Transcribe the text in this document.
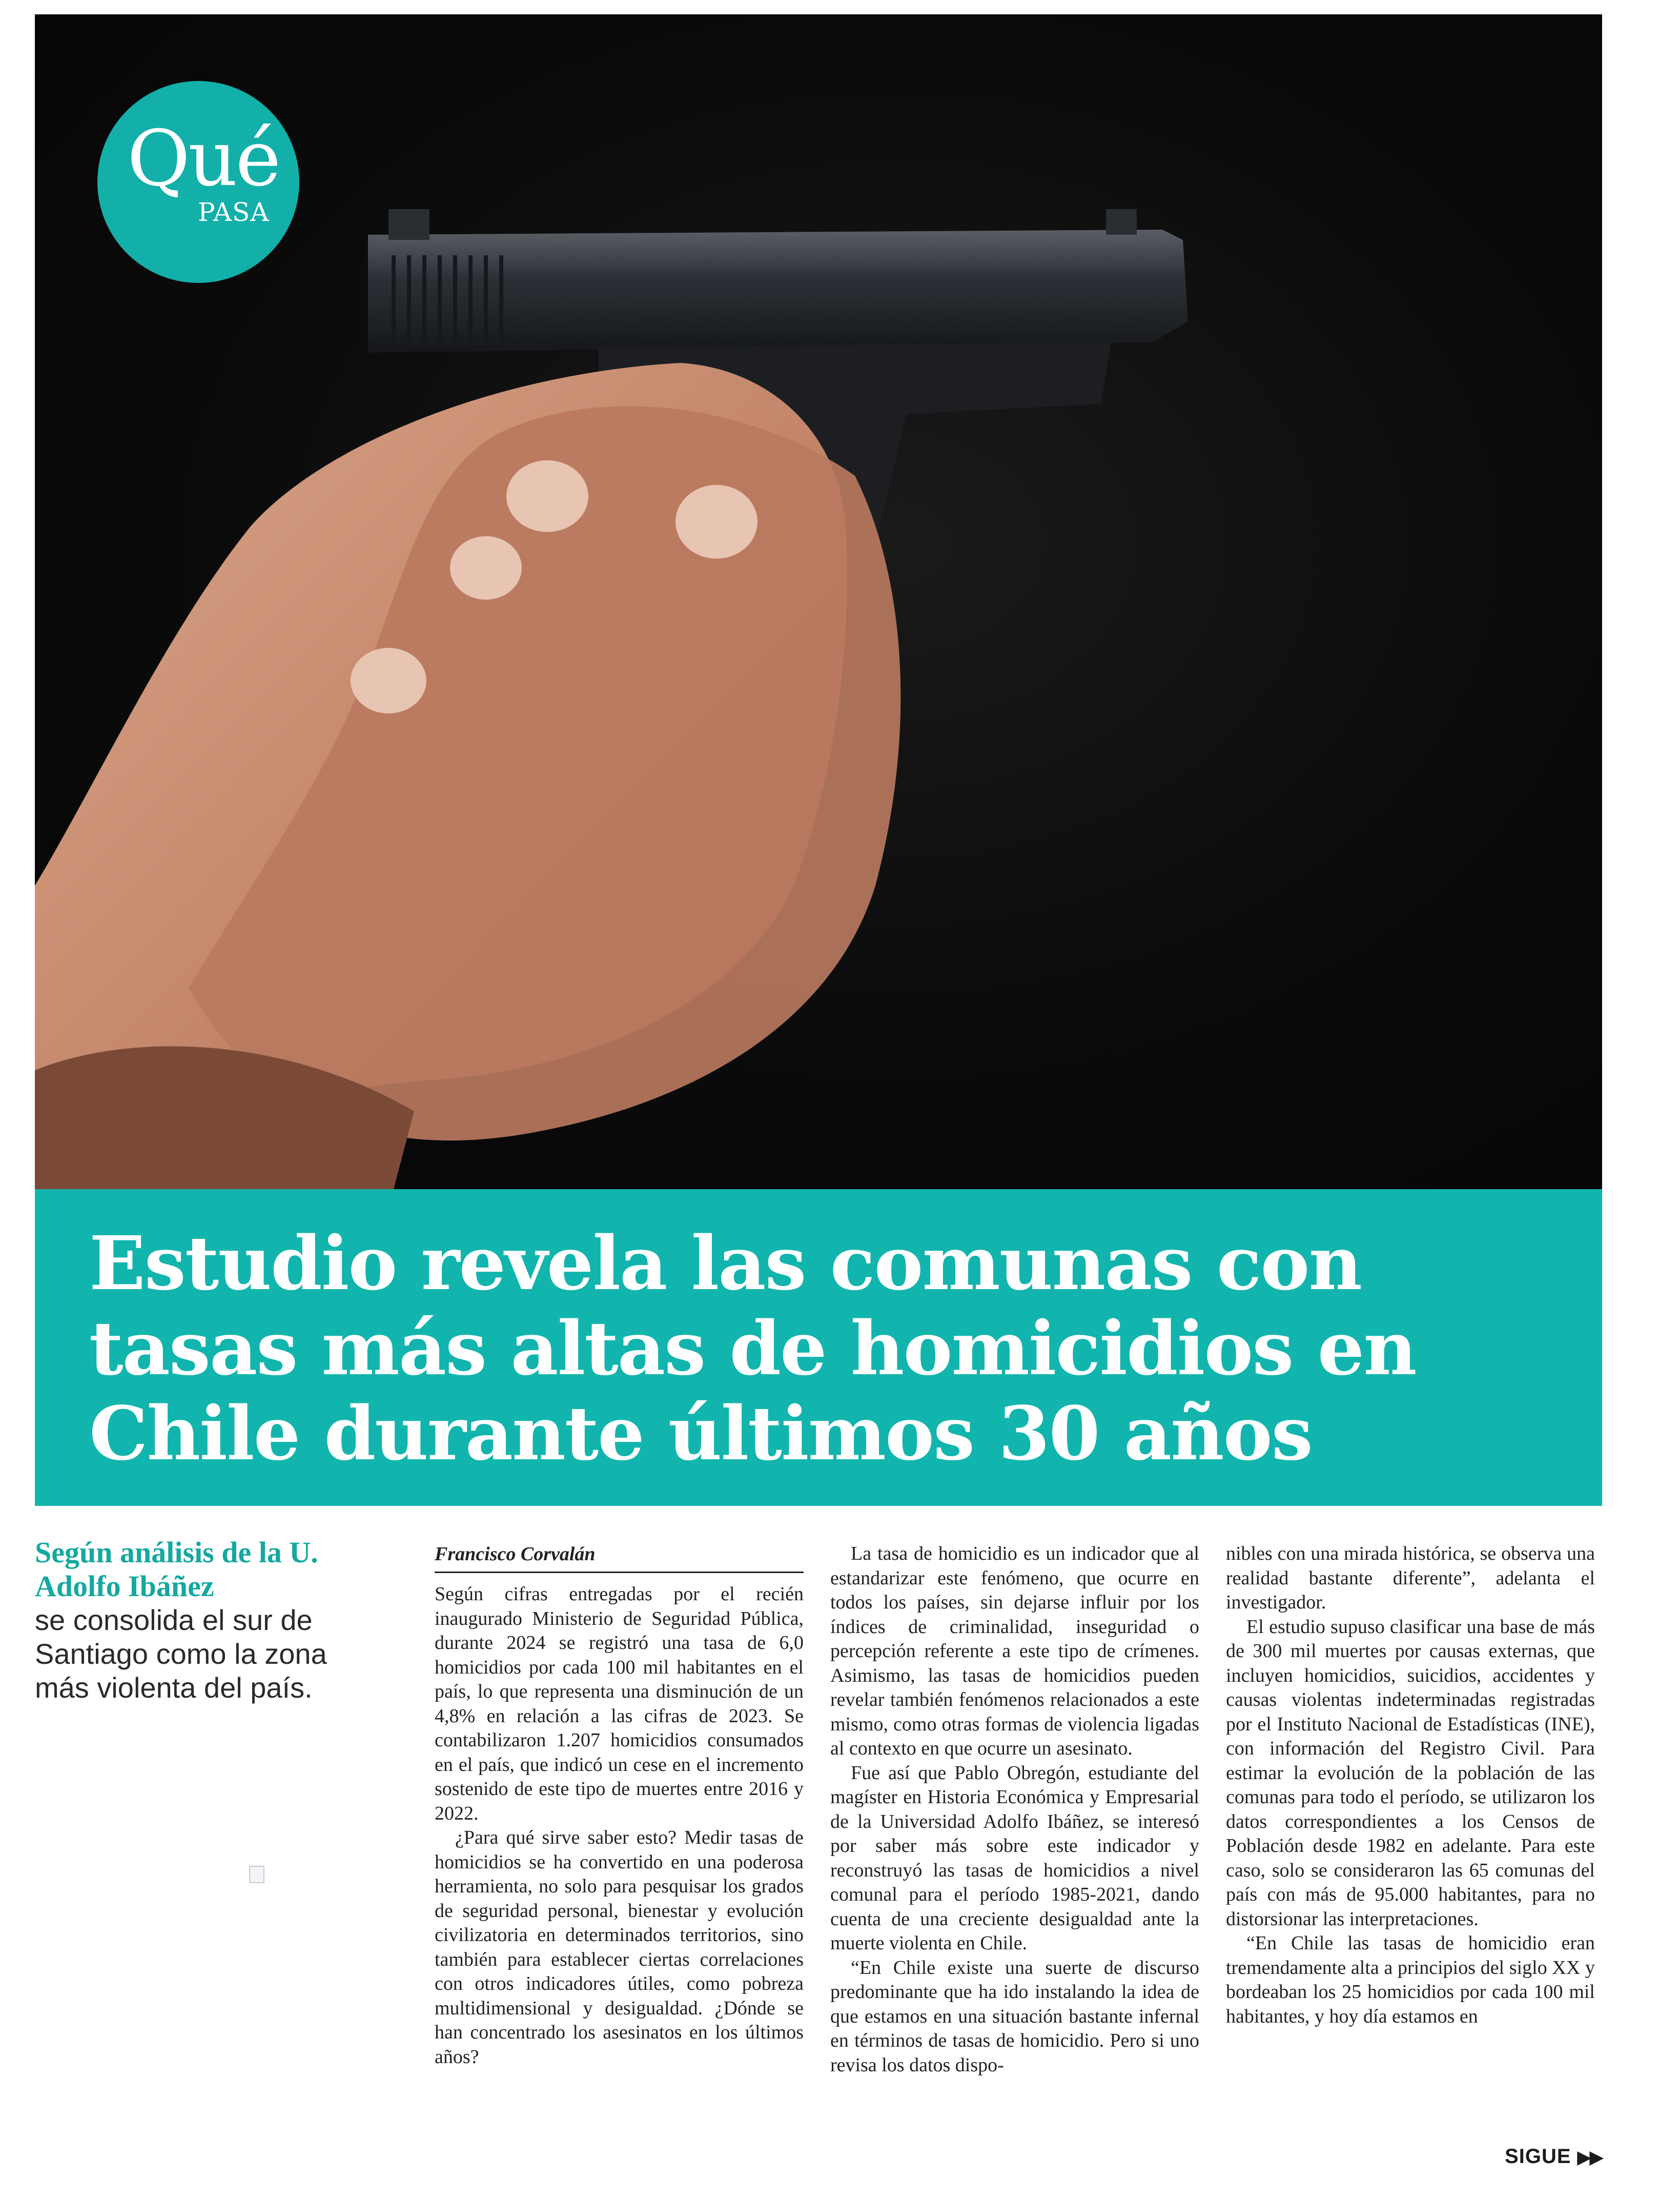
Qué
PASA
Estudio revela las comunas con tasas más altas de homicidios en Chile durante últimos 30 años
Según análisis de la U. Adolfo Ibáñez
se consolida el sur de Santiago como la zona más violenta del país.
Francisco Corvalán

Según cifras entregadas por el recién inaugurado Ministerio de Seguridad Pública, durante 2024 se registró una tasa de 6,0 homicidios por cada 100 mil habitantes en el país, lo que representa una disminución de un 4,8% en relación a las cifras de 2023. Se contabilizaron 1.207 homicidios consumados en el país, que indicó un cese en el incremento sostenido de este tipo de muertes entre 2016 y 2022.

¿Para qué sirve saber esto? Medir tasas de homicidios se ha convertido en una poderosa herramienta, no solo para pesquisar los grados de seguridad personal, bienestar y evolución civilizatoria en determinados territorios, sino también para establecer ciertas correlaciones con otros indicadores útiles, como pobreza multidimensional y desigualdad. ¿Dónde se han concentrado los asesinatos en los últimos años?

La tasa de homicidio es un indicador que al estandarizar este fenómeno, que ocurre en todos los países, sin dejarse influir por los índices de criminalidad, inseguridad o percepción referente a este tipo de crímenes. Asimismo, las tasas de homicidios pueden revelar también fenómenos relacionados a este mismo, como otras formas de violencia ligadas al contexto en que ocurre un asesinato.

Fue así que Pablo Obregón, estudiante del magíster en Historia Económica y Empresarial de la Universidad Adolfo Ibáñez, se interesó por saber más sobre este indicador y reconstruyó las tasas de homicidios a nivel comunal para el período 1985-2021, dando cuenta de una creciente desigualdad ante la muerte violenta en Chile.

“En Chile existe una suerte de discurso predominante que ha ido instalando la idea de que estamos en una situación bastante infernal en términos de tasas de homicidio. Pero si uno revisa los datos dispo-

nibles con una mirada histórica, se observa una realidad bastante diferente”, adelanta el investigador.

El estudio supuso clasificar una base de más de 300 mil muertes por causas externas, que incluyen homicidios, suicidios, accidentes y causas violentas indeterminadas registradas por el Instituto Nacional de Estadísticas (INE), con información del Registro Civil. Para estimar la evolución de la población de las comunas para todo el período, se utilizaron los datos correspondientes a los Censos de Población desde 1982 en adelante. Para este caso, solo se consideraron las 65 comunas del país con más de 95.000 habitantes, para no distorsionar las interpretaciones.

“En Chile las tasas de homicidio eran tremendamente alta a principios del siglo XX y bordeaban los 25 homicidios por cada 100 mil habitantes, y hoy día estamos en

SIGUE ▶▶
